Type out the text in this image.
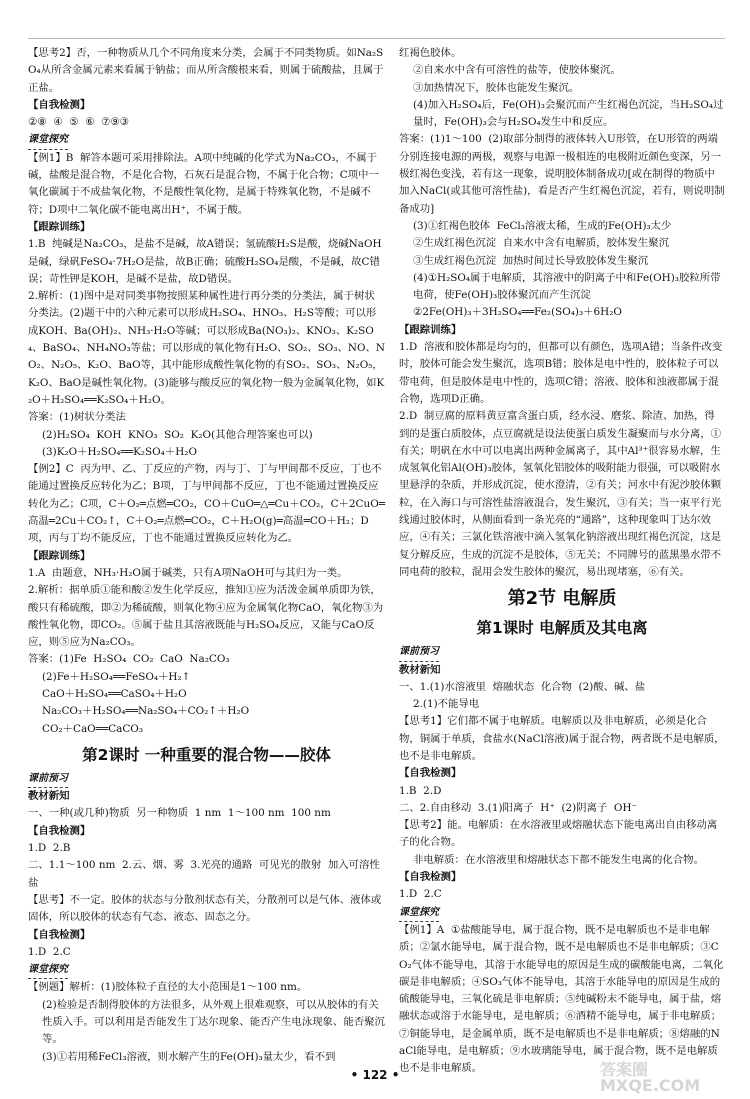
【思考2】否，一种物质从几个不同角度来分类，会属于不同类物质。如Na₂SO₄从所含金属元素来看属于钠盐；而从所含酸根来看，则属于硫酸盐，且属于正盐。

【自我检测】

②⑧  ④  ⑤  ⑥  ⑦⑨③

课堂探究

【例1】B  解答本题可采用排除法。A项中纯碱的化学式为Na₂CO₃，不属于碱，盐酸是混合物，不是化合物，石灰石是混合物，不属于化合物；C项中一氧化碳属于不成盐氧化物，不是酸性氧化物，是属于特殊氧化物，不是碱不符；D项中二氧化碳不能电离出H⁺，不属于酸。

【跟踪训练】

1.B  纯碱是Na₂CO₃，是盐不是碱，故A错误；氢硫酸H₂S是酸，烧碱NaOH是碱，绿矾FeSO₄·7H₂O是盐，故B正确；硫酸H₂SO₄是酸，不是碱，故C错误；苛性钾是KOH，是碱不是盐，故D错误。

2.解析：(1)图中是对同类事物按照某种属性进行再分类的分类法，属于树状分类法。(2)题干中的六种元素可以形成H₂SO₄、HNO₃、H₂S等酸；可以形成KOH、Ba(OH)₂、NH₃·H₂O等碱；可以形成Ba(NO₃)₂、KNO₃、K₂SO₄、BaSO₄、NH₄NO₃等盐；可以形成的氧化物有H₂O、SO₂、SO₃、NO、NO₂、N₂O₅、K₂O、BaO等，其中能形成酸性氧化物的有SO₂、SO₃、N₂O₅，K₂O、BaO是碱性氧化物。(3)能够与酸反应的氧化物一般为金属氧化物，如K₂O＋H₂SO₄══K₂SO₄＋H₂O。

答案：(1)树状分类法

(2)H₂SO₄  KOH  KNO₃  SO₂  K₂O(其他合理答案也可以)

(3)K₂O＋H₂SO₄══K₂SO₄＋H₂O

【例2】C  丙为甲、乙、丁反应的产物，丙与丁、丁与甲间都不反应，丁也不能通过置换反应转化为乙；B项，丁与甲间都不反应，丁也不能通过置换反应转化为乙；C项，C＋O₂═点燃═CO₂，CO＋CuO═△═Cu＋CO₂，C＋2CuO═高温═2Cu＋CO₂↑，C＋O₂═点燃═CO₂，C＋H₂O(g)═高温═CO＋H₂；D项，丙与丁均不能反应，丁也不能通过置换反应转化为乙。

【跟踪训练】

1.A  由题意，NH₃·H₂O属于碱类，只有A项NaOH可与其归为一类。

2.解析：据单质①能和酸②发生化学反应，推知①应为活泼金属单质即为铁，酸只有稀硫酸，即②为稀硫酸，则氧化物④应为金属氧化物CaO，氧化物③为酸性氧化物，即CO₂。⑤属于盐且其溶液既能与H₂SO₄反应，又能与CaO反应，则⑤应为Na₂CO₃。

答案：(1)Fe  H₂SO₄  CO₂  CaO  Na₂CO₃

(2)Fe＋H₂SO₄══FeSO₄＋H₂↑

CaO＋H₂SO₄══CaSO₄＋H₂O

Na₂CO₃＋H₂SO₄══Na₂SO₄＋CO₂↑＋H₂O

CO₂＋CaO══CaCO₃

第2课时 一种重要的混合物——胶体

课前预习

教材新知

一、一种(或几种)物质  另一种物质  1 nm  1～100 nm  100 nm

【自我检测】

1.D  2.B

二、1.1～100 nm  2.云、烟、雾  3.光亮的通路  可见光的散射  加入可溶性盐

【思考】不一定。胶体的状态与分散剂状态有关，分散剂可以是气体、液体或固体，所以胶体的状态有气态、液态、固态之分。

【自我检测】

1.D  2.C

课堂探究

【例题】解析：(1)胶体粒子直径的大小范围是1～100 nm。

(2)检验是否制得胶体的方法很多，从外观上很难观察，可以从胶体的有关性质入手。可以利用是否能发生丁达尔现象、能否产生电泳现象、能否聚沉等。

(3)①若用稀FeCl₃溶液，则水解产生的Fe(OH)₃量太少，看不到

红褐色胶体。

②自来水中含有可溶性的盐等，使胶体聚沉。

③加热情况下，胶体也能发生聚沉。

(4)加入H₂SO₄后，Fe(OH)₃会聚沉而产生红褐色沉淀，当H₂SO₄过量时，Fe(OH)₃会与H₂SO₄发生中和反应。

答案：(1)1～100  (2)取部分制得的液体转入U形管，在U形管的两端分别连接电源的两极，观察与电源一极相连的电极附近颜色变深，另一极红褐色变浅，若有这一现象，说明胶体制备成功[或在制得的物质中加入NaCl(或其他可溶性盐)，看是否产生红褐色沉淀，若有，则说明制备成功]

(3)①红褐色胶体  FeCl₃溶液太稀，生成的Fe(OH)₃太少

②生成红褐色沉淀  自来水中含有电解质，胶体发生聚沉

③生成红褐色沉淀  加热时间过长导致胶体发生聚沉

(4)①H₂SO₄属于电解质，其溶液中的阴离子中和Fe(OH)₃胶粒所带电荷，使Fe(OH)₃胶体聚沉而产生沉淀

②2Fe(OH)₃＋3H₂SO₄══Fe₂(SO₄)₃＋6H₂O

【跟踪训练】

1.D  溶液和胶体都是均匀的，但都可以有颜色，选项A错；当条件改变时，胶体可能会发生聚沉，选项B错；胶体是电中性的，胶体粒子可以带电荷，但是胶体是电中性的，选项C错；溶液、胶体和浊液都属于混合物，选项D正确。

2.D  制豆腐的原料黄豆富含蛋白质，经水浸、磨浆、除渣、加热，得到的是蛋白质胶体，点豆腐就是设法使蛋白质发生凝聚而与水分离，①有关；明矾在水中可以电离出两种金属离子，其中Al³⁺很容易水解，生成氢氧化铝Al(OH)₃胶体，氢氧化铝胶体的吸附能力很强，可以吸附水里悬浮的杂质，并形成沉淀，使水澄清，②有关；河水中有泥沙胶体颗粒，在入海口与可溶性盐溶液混合，发生聚沉，③有关；当一束平行光线通过胶体时，从侧面看到一条光亮的“通路”，这种现象叫丁达尔效应，④有关；三氯化铁溶液中滴入氢氧化钠溶液出现红褐色沉淀，这是复分解反应，生成的沉淀不是胶体，⑤无关；不同牌号的蓝黑墨水带不同电荷的胶粒，混用会发生胶体的聚沉，易出现堵塞，⑥有关。

第2节 电解质
第1课时 电解质及其电离

课前预习

教材新知

一、1.(1)水溶液里  熔融状态  化合物  (2)酸、碱、盐

2.(1)不能导电

【思考1】它们都不属于电解质。电解质以及非电解质，必须是化合物，铜属于单质，食盐水(NaCl溶液)属于混合物，两者既不是电解质，也不是非电解质。

【自我检测】

1.B  2.D

二、2.自由移动  3.(1)阳离子  H⁺  (2)阴离子  OH⁻

【思考2】能。电解质：在水溶液里或熔融状态下能电离出自由移动离子的化合物。

非电解质：在水溶液里和熔融状态下都不能发生电离的化合物。

【自我检测】

1.D  2.C

课堂探究

【例1】A  ①盐酸能导电，属于混合物，既不是电解质也不是非电解质；②氯水能导电，属于混合物，既不是电解质也不是非电解质；③CO₂气体不能导电，其溶于水能导电的原因是生成的碳酸能电离，二氧化碳是非电解质；④SO₃气体不能导电，其溶于水能导电的原因是生成的硫酸能导电，三氧化硫是非电解质；⑤纯碱粉末不能导电，属于盐，熔融状态或溶于水能导电，是电解质；⑥酒精不能导电，属于非电解质；⑦铜能导电，是金属单质，既不是电解质也不是非电解质；⑧熔融的NaCl能导电，是电解质；⑨水玻璃能导电，属于混合物，既不是电解质也不是非电解质。

• 122 •	答案圈
MXQE.COM
